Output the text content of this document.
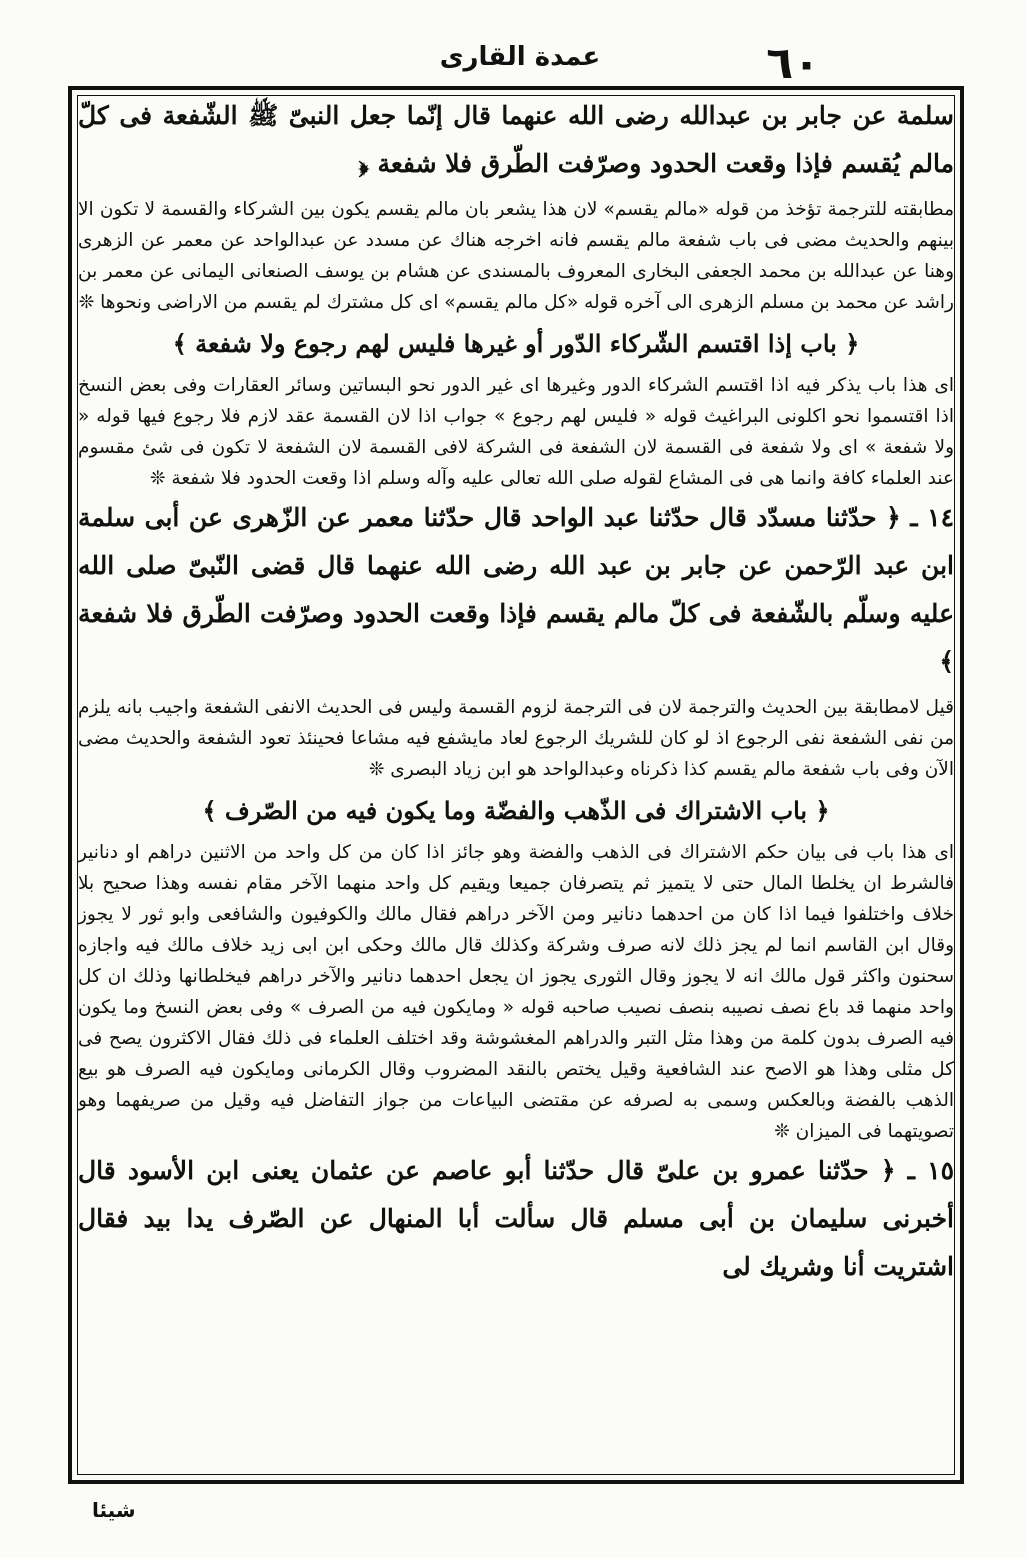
عمدة القارى	٦٠

سلمة عن جابر بن عبدالله رضى الله عنهما قال إنّما جعل النبىّ ﷺ الشّفعة فى كلّ مالم يُقسم فإذا وقعت الحدود وصرّفت الطّرق فلا شفعة ﴿

مطابقته للترجمة تؤخذ من قوله «مالم يقسم» لان هذا يشعر بان مالم يقسم يكون بين الشركاء والقسمة لا تكون الا بينهم والحديث مضى فى باب شفعة مالم يقسم فانه اخرجه هناك عن مسدد عن عبدالواحد عن معمر عن الزهرى وهنا عن عبدالله بن محمد الجعفى البخارى المعروف بالمسندى عن هشام بن يوسف الصنعانى اليمانى عن معمر بن راشد عن محمد بن مسلم الزهرى الى آخره قوله «كل مالم يقسم» اى كل مشترك لم يقسم من الاراضى ونحوها ❊

﴿ باب إذا اقتسم الشّركاء الدّور أو غيرها فليس لهم رجوع ولا شفعة ﴾

اى هذا باب يذكر فيه اذا اقتسم الشركاء الدور وغيرها اى غير الدور نحو البساتين وسائر العقارات وفى بعض النسخ اذا اقتسموا نحو اكلونى البراغيث قوله « فليس لهم رجوع » جواب اذا لان القسمة عقد لازم فلا رجوع فيها قوله « ولا شفعة » اى ولا شفعة فى القسمة لان الشفعة فى الشركة لافى القسمة لان الشفعة لا تكون فى شئ مقسوم عند العلماء كافة وانما هى فى المشاع لقوله صلى الله تعالى عليه وآله وسلم اذا وقعت الحدود فلا شفعة ❊

١٤ ـ ﴿ حدّثنا مسدّد قال حدّثنا عبد الواحد قال حدّثنا معمر عن الزّهرى عن أبى سلمة ابن عبد الرّحمن عن جابر بن عبد الله رضى الله عنهما قال قضى النّبىّ صلى الله عليه وسلّم بالشّفعة فى كلّ مالم يقسم فإذا وقعت الحدود وصرّفت الطّرق فلا شفعة ﴾

قيل لامطابقة بين الحديث والترجمة لان فى الترجمة لزوم القسمة وليس فى الحديث الانفى الشفعة واجيب بانه يلزم من نفى الشفعة نفى الرجوع اذ لو كان للشريك الرجوع لعاد مايشفع فيه مشاعا فحينئذ تعود الشفعة والحديث مضى الآن وفى باب شفعة مالم يقسم كذا ذكرناه وعبدالواحد هو ابن زياد البصرى ❊

﴿ باب الاشتراك فى الذّهب والفضّة وما يكون فيه من الصّرف ﴾

اى هذا باب فى بيان حكم الاشتراك فى الذهب والفضة وهو جائز اذا كان من كل واحد من الاثنين دراهم او دنانير فالشرط ان يخلطا المال حتى لا يتميز ثم يتصرفان جميعا ويقيم كل واحد منهما الآخر مقام نفسه وهذا صحيح بلا خلاف واختلفوا فيما اذا كان من احدهما دنانير ومن الآخر دراهم فقال مالك والكوفيون والشافعى وابو ثور لا يجوز وقال ابن القاسم انما لم يجز ذلك لانه صرف وشركة وكذلك قال مالك وحكى ابن ابى زيد خلاف مالك فيه واجازه سحنون واكثر قول مالك انه لا يجوز وقال الثورى يجوز ان يجعل احدهما دنانير والآخر دراهم فيخلطانها وذلك ان كل واحد منهما قد باع نصف نصيبه بنصف نصيب صاحبه قوله « ومايكون فيه من الصرف » وفى بعض النسخ وما يكون فيه الصرف بدون كلمة من وهذا مثل التبر والدراهم المغشوشة وقد اختلف العلماء فى ذلك فقال الاكثرون يصح فى كل مثلى وهذا هو الاصح عند الشافعية وقيل يختص بالنقد المضروب وقال الكرمانى ومايكون فيه الصرف هو بيع الذهب بالفضة وبالعكس وسمى به لصرفه عن مقتضى البياعات من جواز التفاضل فيه وقيل من صريفهما وهو تصويتهما فى الميزان ❊

١٥ ـ ﴿ حدّثنا عمرو بن علىّ قال حدّثنا أبو عاصم عن عثمان يعنى ابن الأسود قال أخبرنى سليمان بن أبى مسلم قال سألت أبا المنهال عن الصّرف يدا بيد فقال اشتريت أنا وشريك لى

شيئا
